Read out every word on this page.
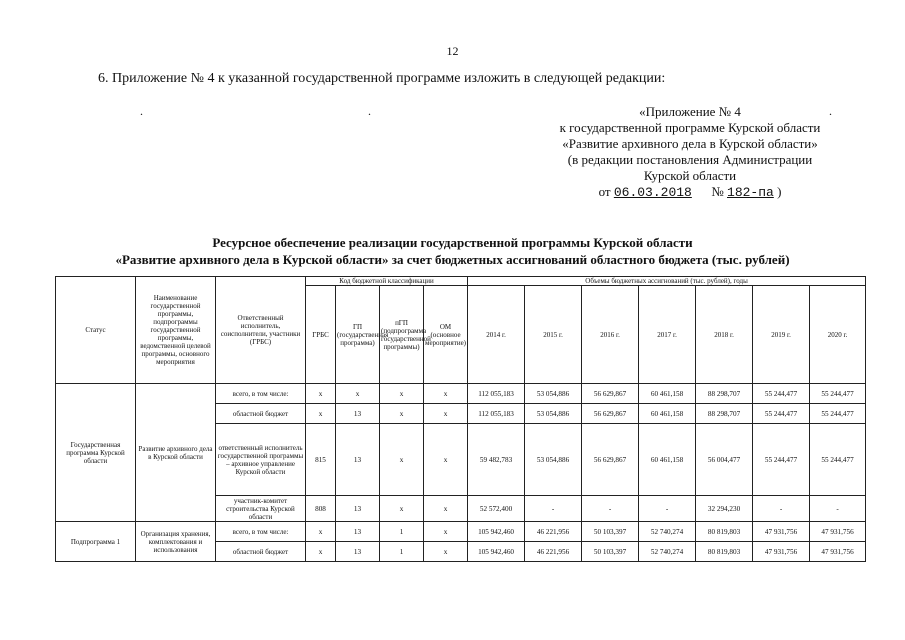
12
6. Приложение № 4 к указанной государственной программе изложить в следующей редакции:
.	.	.
«Приложение № 4
к государственной программе Курской области
«Развитие архивного дела в Курской области»
(в редакции постановления Администрации
Курской области
от 06.03.2018 № 182-па )
Ресурсное обеспечение реализации государственной программы Курской области
«Развитие архивного дела в Курской области» за счет бюджетных ассигнований областного бюджета (тыс. рублей)
Статус	Наименование государственной программы, подпрограммы государственной программы, ведомственной целевой программы, основного мероприятия	Ответственный исполнитель, соисполнители, участники (ГРБС)	Код бюджетной классификации				Объемы бюджетных ассигнований (тыс. рублей), годы						
			ГРБС	ГП (государственная программа)	пГП (подпрограмма государственной программы)	ОМ (основное мероприятие)	2014 г.	2015 г.	2016 г.	2017 г.	2018 г.	2019 г.	2020 г.
Государственная программа Курской области	Развитие архивного дела в Курской области	всего, в том числе:	x	x	x	x	112 055,183	53 054,886	56 629,867	60 461,158	88 298,707	55 244,477	55 244,477
		областной бюджет	x	13	x	x	112 055,183	53 054,886	56 629,867	60 461,158	88 298,707	55 244,477	55 244,477
		ответственный исполнитель государственной программы – архивное управление Курской области	815	13	x	x	59 482,783	53 054,886	56 629,867	60 461,158	56 004,477	55 244,477	55 244,477
		участник-комитет строительства Курской области	808	13	x	x	52 572,400	-	-	-	32 294,230	-	-
Подпрограмма 1	Организация хранения, комплектования и использования	всего, в том числе:	x	13	1	x	105 942,460	46 221,956	50 103,397	52 740,274	80 819,803	47 931,756	47 931,756
		областной бюджет	x	13	1	x	105 942,460	46 221,956	50 103,397	52 740,274	80 819,803	47 931,756	47 931,756
